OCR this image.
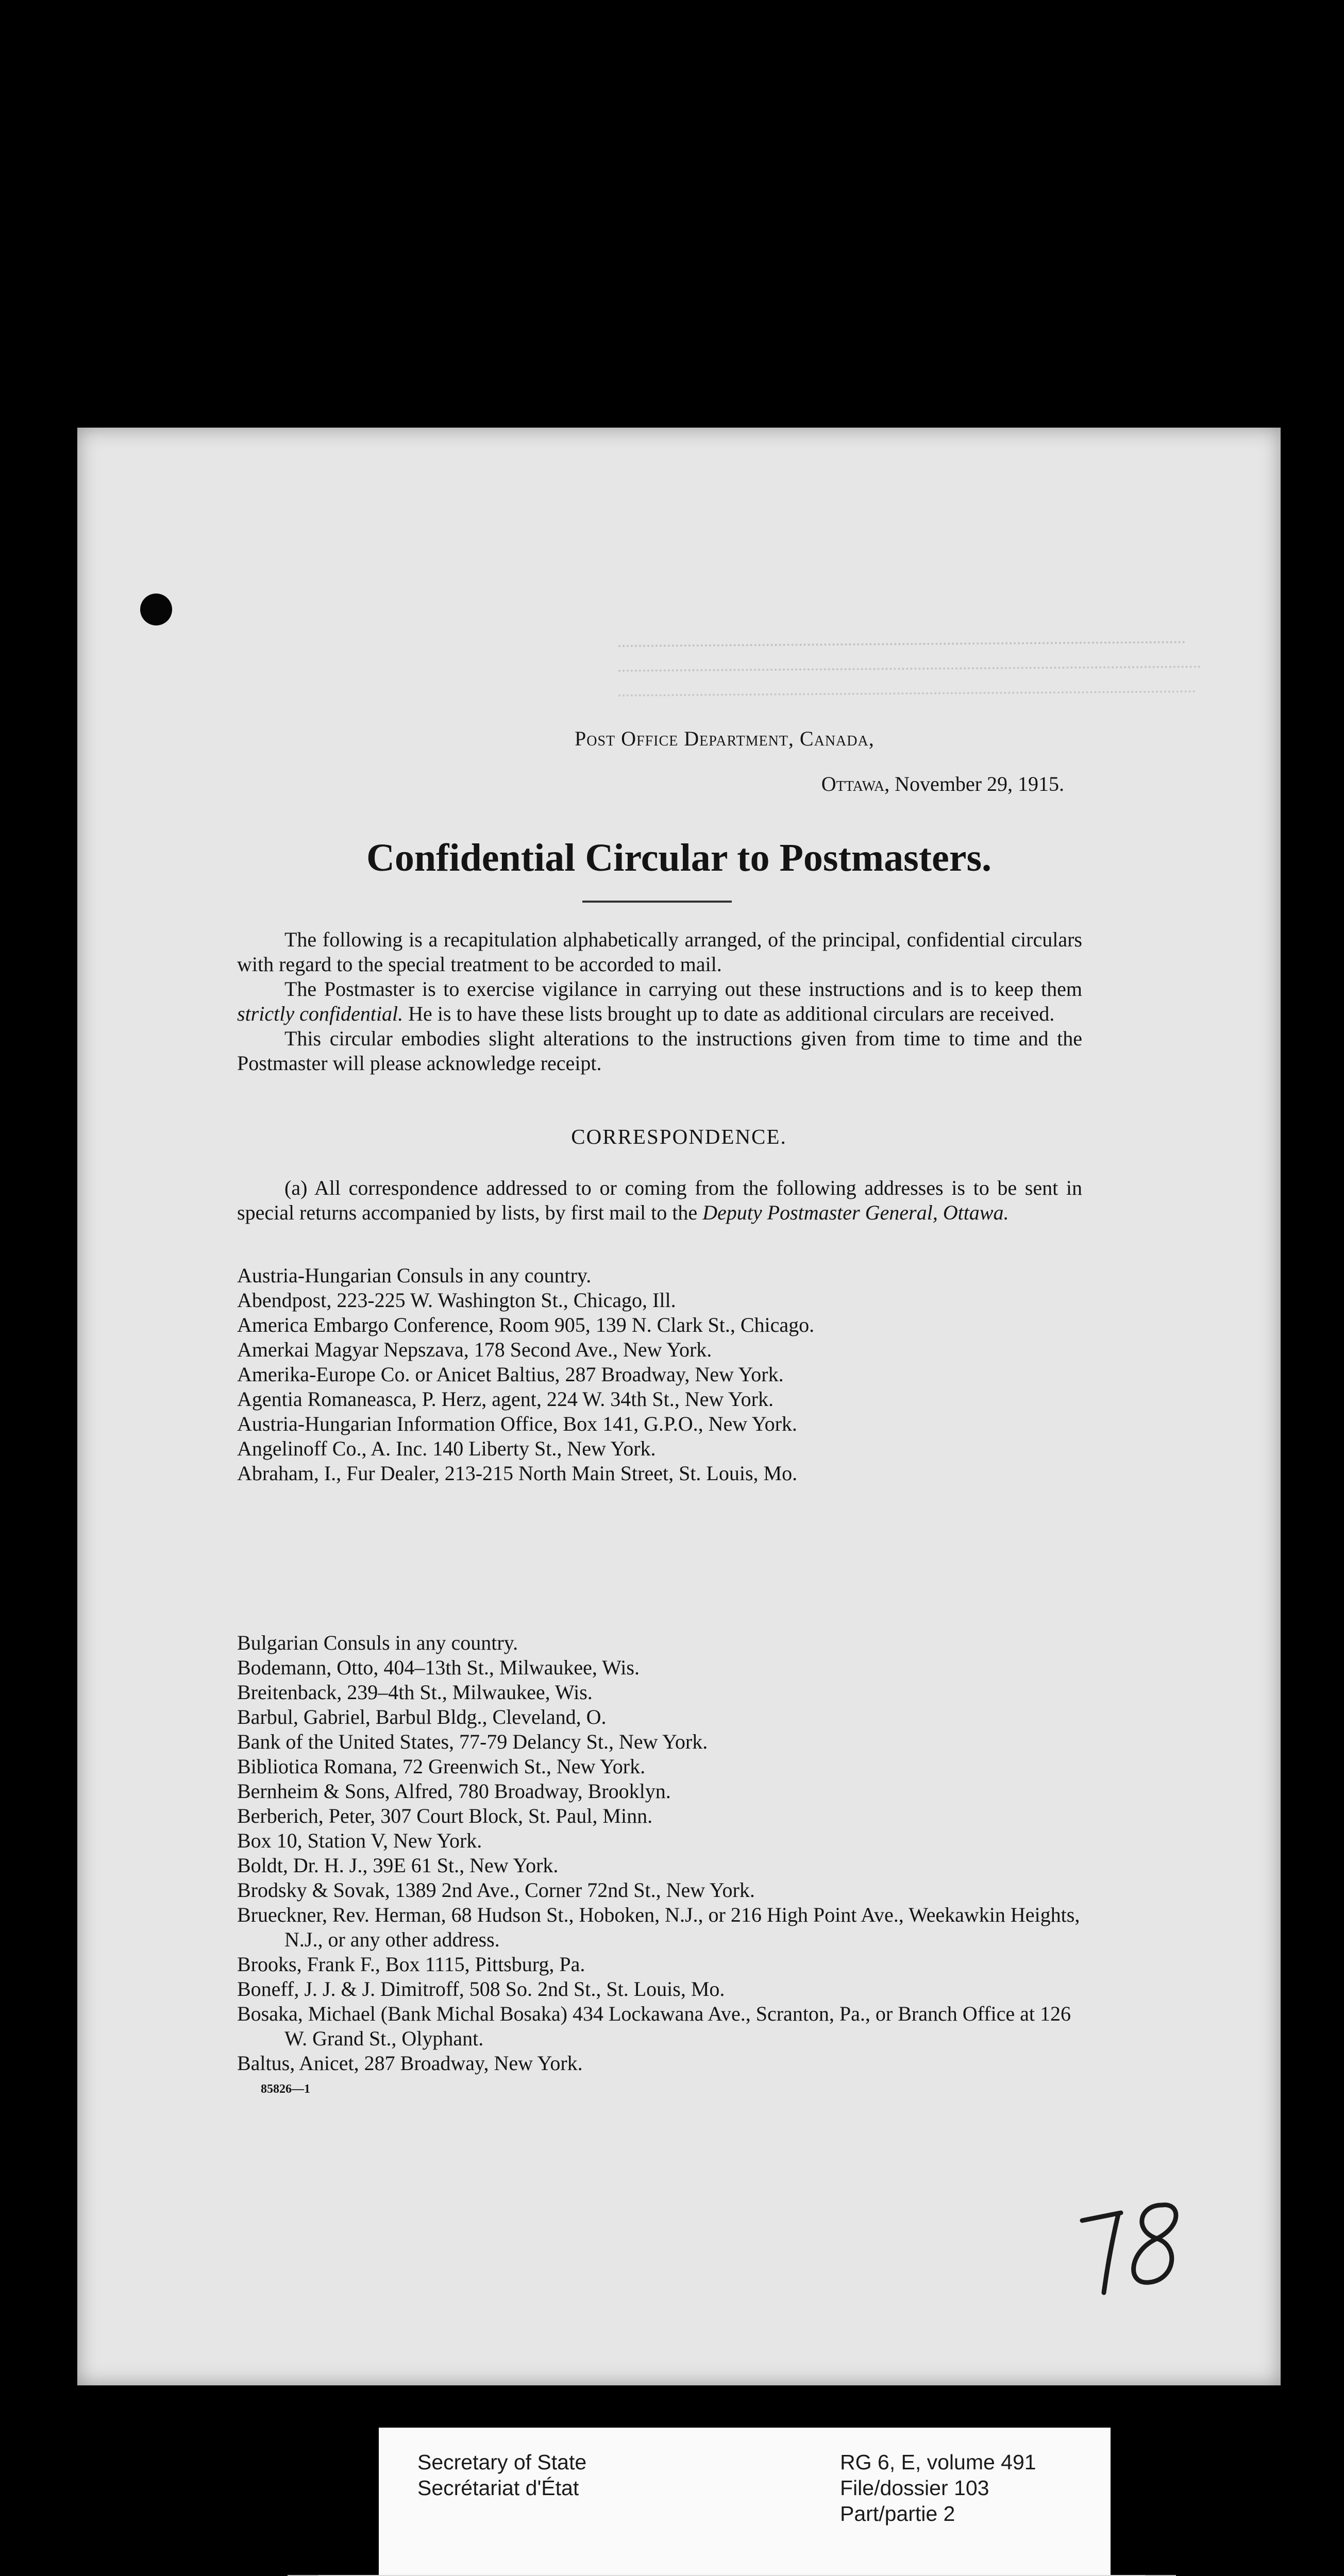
Post Office Department, Canada,
Ottawa, November 29, 1915.
Confidential Circular to Postmasters.

The following is a recapitulation alphabetically arranged, of the principal, confidential circulars with regard to the special treatment to be accorded to mail.

The Postmaster is to exercise vigilance in carrying out these instructions and is to keep them strictly confidential. He is to have these lists brought up to date as additional circulars are received.

This circular embodies slight alterations to the instructions given from time to time and the Postmaster will please acknowledge receipt.

CORRESPONDENCE.

(a) All correspondence addressed to or coming from the following addresses is to be sent in special returns accompanied by lists, by first mail to the Deputy Postmaster General, Ottawa.

Austria-Hungarian Consuls in any country.
Abendpost, 223-225 W. Washington St., Chicago, Ill.
America Embargo Conference, Room 905, 139 N. Clark St., Chicago.
Amerkai Magyar Nepszava, 178 Second Ave., New York.
Amerika-Europe Co. or Anicet Baltius, 287 Broadway, New York.
Agentia Romaneasca, P. Herz, agent, 224 W. 34th St., New York.
Austria-Hungarian Information Office, Box 141, G.P.O., New York.
Angelinoff Co., A. Inc. 140 Liberty St., New York.
Abraham, I., Fur Dealer, 213-215 North Main Street, St. Louis, Mo.
Bulgarian Consuls in any country.
Bodemann, Otto, 404–13th St., Milwaukee, Wis.
Breitenback, 239–4th St., Milwaukee, Wis.
Barbul, Gabriel, Barbul Bldg., Cleveland, O.
Bank of the United States, 77-79 Delancy St., New York.
Bibliotica Romana, 72 Greenwich St., New York.
Bernheim & Sons, Alfred, 780 Broadway, Brooklyn.
Berberich, Peter, 307 Court Block, St. Paul, Minn.
Box 10, Station V, New York.
Boldt, Dr. H. J., 39E 61 St., New York.
Brodsky & Sovak, 1389 2nd Ave., Corner 72nd St., New York.
Brueckner, Rev. Herman, 68 Hudson St., Hoboken, N.J., or 216 High Point Ave., Weekawkin Heights, N.J., or any other address.
Brooks, Frank F., Box 1115, Pittsburg, Pa.
Boneff, J. J. & J. Dimitroff, 508 So. 2nd St., St. Louis, Mo.
Bosaka, Michael (Bank Michal Bosaka) 434 Lockawana Ave., Scranton, Pa., or Branch Office at 126 W. Grand St., Olyphant.
Baltus, Anicet, 287 Broadway, New York.
85826—1
Secretary of State
Secrétariat d'État
RG 6, E, volume 491
File/dossier 103
Part/partie 2
